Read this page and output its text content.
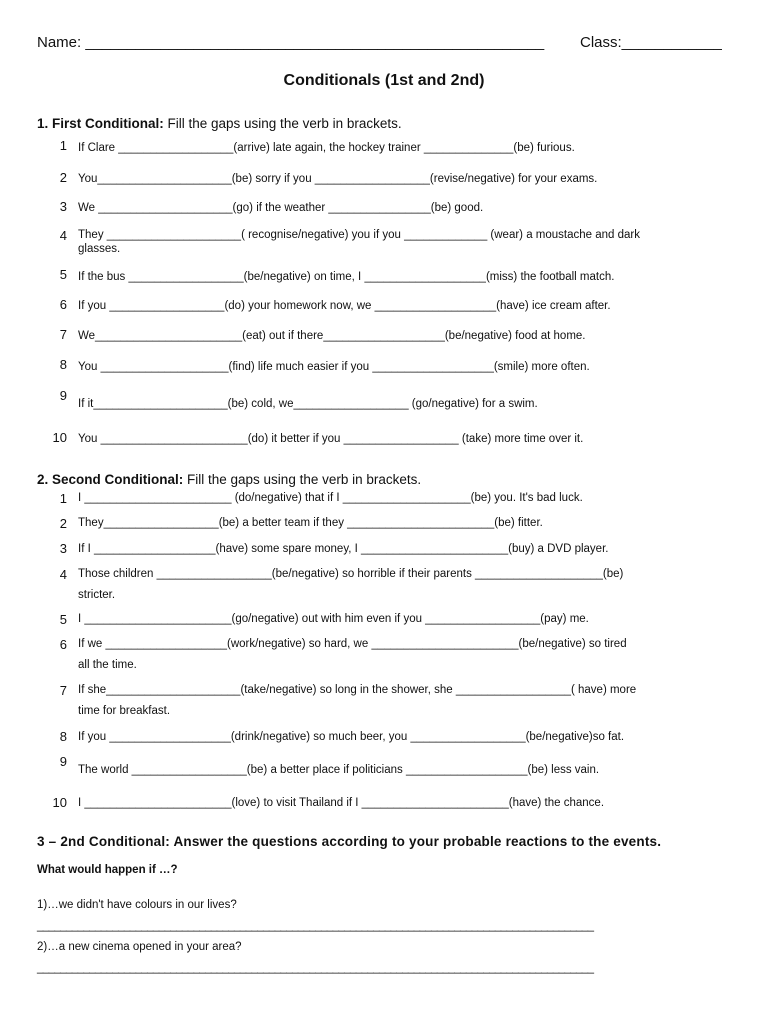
Name: _______________________________________________________ Class:____________
Conditionals (1st and 2nd)
1. First Conditional: Fill the gaps using the verb in brackets.
1 If Clare __________________(arrive) late again, the hockey trainer ______________(be) furious.
2 You_____________________(be) sorry if you __________________(revise/negative) for your exams.
3 We _____________________(go) if the weather ________________(be) good.
4 They _____________________( recognise/negative) you if you _____________ (wear) a moustache and dark
glasses.
5 If the bus __________________(be/negative) on time, I ___________________(miss) the football match.
6 If you __________________(do) your homework now, we ___________________(have) ice cream after.
7 We_______________________(eat) out if there___________________(be/negative) food at home.
8 You ____________________(find) life much easier if you ___________________(smile) more often.
9
If it_____________________(be) cold, we__________________ (go/negative) for a swim.
10 You _______________________(do) it better if you __________________ (take) more time over it.
2. Second Conditional: Fill the gaps using the verb in brackets.
1 I _______________________ (do/negative) that if I ____________________(be) you. It's bad luck.
2 They__________________(be) a better team if they _______________________(be) fitter.
3 If I ___________________(have) some spare money, I _______________________(buy) a DVD player.
4 Those children __________________(be/negative) so horrible if their parents ____________________(be)
stricter.
5 I _______________________(go/negative) out with him even if you __________________(pay) me.
6 If we ___________________(work/negative) so hard, we _______________________(be/negative) so tired
all the time.
7 If she_____________________(take/negative) so long in the shower, she __________________( have) more
time for breakfast.
8 If you ___________________(drink/negative) so much beer, you __________________(be/negative)so fat.
9
The world __________________(be) a better place if politicians ___________________(be) less vain.
10 I _______________________(love) to visit Thailand if I _______________________(have) the chance.
3 – 2nd Conditional: Answer the questions according to your probable reactions to the events.
What would happen if …?
1)…we didn't have colours in our lives?
________________________________________________________________________________________________
2)…a new cinema opened in your area?
________________________________________________________________________________________________
